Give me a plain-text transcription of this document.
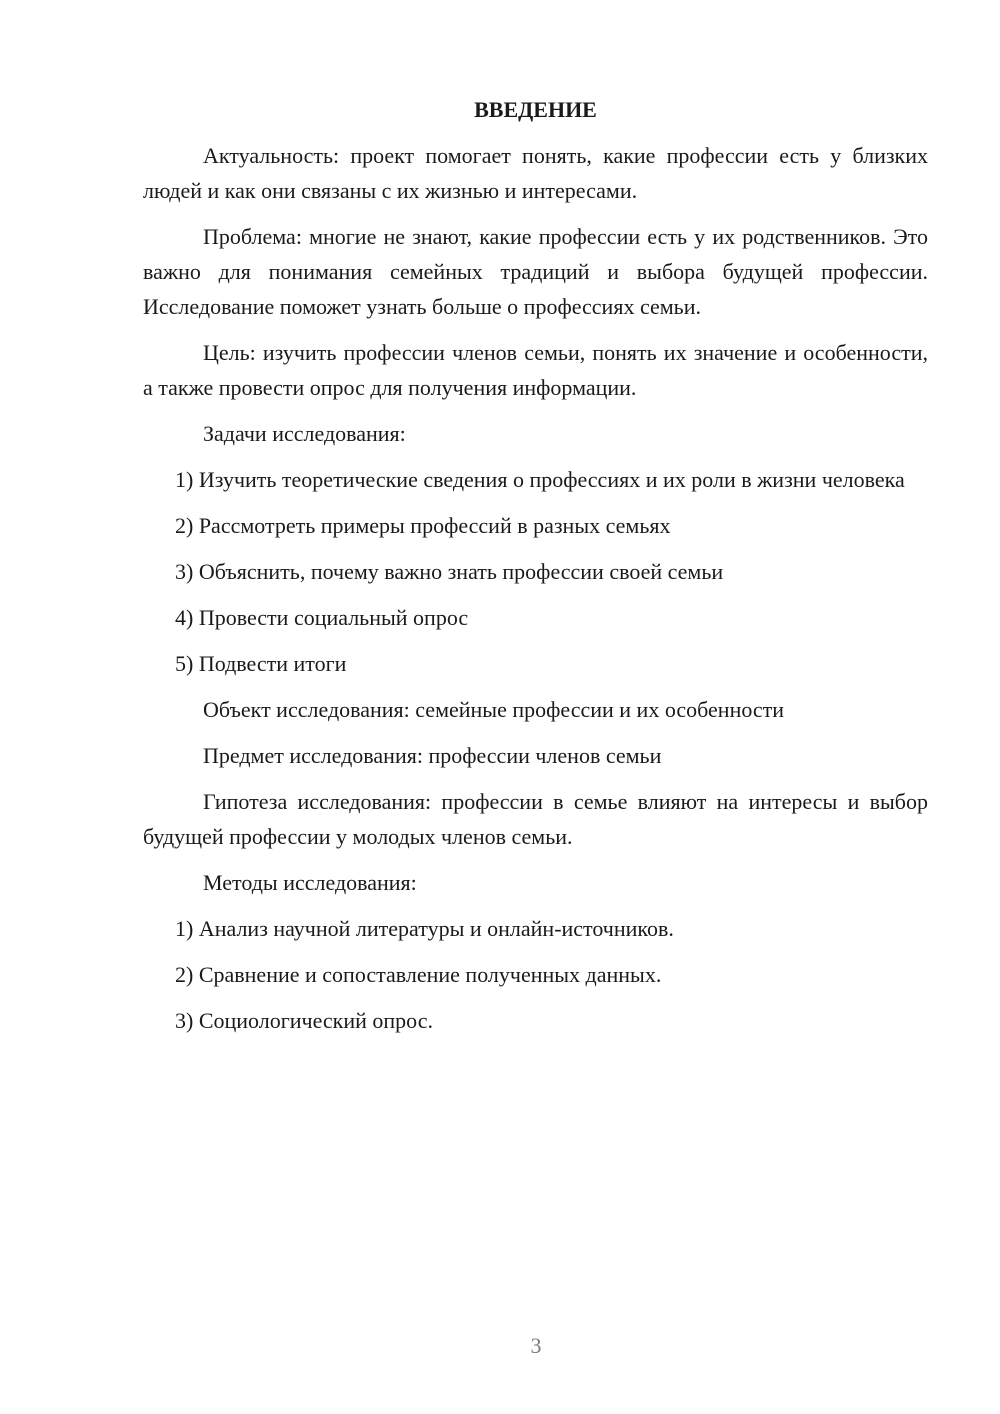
ВВЕДЕНИЕ

Актуальность: проект помогает понять, какие профессии есть у близких людей и как они связаны с их жизнью и интересами.

Проблема: многие не знают, какие профессии есть у их родственников. Это важно для понимания семейных традиций и выбора будущей профессии. Исследование поможет узнать больше о профессиях семьи.

Цель: изучить профессии членов семьи, понять их значение и особенности, а также провести опрос для получения информации.

Задачи исследования:

1) Изучить теоретические сведения о профессиях и их роли в жизни человека

2) Рассмотреть примеры профессий в разных семьях

3) Объяснить, почему важно знать профессии своей семьи

4) Провести социальный опрос

5) Подвести итоги

Объект исследования: семейные профессии и их особенности

Предмет исследования: профессии членов семьи

Гипотеза исследования: профессии в семье влияют на интересы и выбор будущей профессии у молодых членов семьи.

Методы исследования:

1) Анализ научной литературы и онлайн-источников.

2) Сравнение и сопоставление полученных данных.

3) Социологический опрос.

3
